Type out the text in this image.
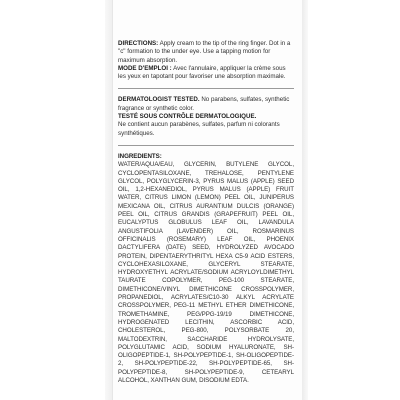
DIRECTIONS: Apply cream to the tip of the ring finger. Dot in a "c" formation to the under eye. Use a tapping motion for maximum absorption.

MODE D'EMPLOI : Avec l'annulaire, appliquer la crème sous les yeux en tapotant pour favoriser une absorption maximale.

DERMATOLOGIST TESTED. No parabens, sulfates, synthetic fragrance or synthetic color.

TESTÉ SOUS CONTRÔLE DERMATOLOGIQUE.

Ne contient aucun parabènes, sulfates, parfum ni colorants synthétiques.

INGREDIENTS:

WATER/AQUA/EAU, GLYCERIN, BUTYLENE GLYCOL, CYCLOPENTASILOXANE, TREHALOSE, PENTYLENE GLYCOL, POLYGLYCERIN-3, PYRUS MALUS (APPLE) SEED OIL, 1,2-HEXANEDIOL, PYRUS MALUS (APPLE) FRUIT WATER, CITRUS LIMON (LEMON) PEEL OIL, JUNIPERUS MEXICANA OIL, CITRUS AURANTIUM DULCIS (ORANGE) PEEL OIL, CITRUS GRANDIS (GRAPEFRUIT) PEEL OIL, EUCALYPTUS GLOBULUS LEAF OIL, LAVANDULA ANGUSTIFOLIA (LAVENDER) OIL, ROSMARINUS OFFICINALIS (ROSEMARY) LEAF OIL, PHOENIX DACTYLIFERA (DATE) SEED, HYDROLYZED AVOCADO PROTEIN, DIPENTAERYTHRITYL HEXA C5-9 ACID ESTERS, CYCLOHEXASILOXANE, GLYCERYL STEARATE, HYDROXYETHYL ACRYLATE/SODIUM ACRYLOYLDIMETHYL TAURATE COPOLYMER, PEG-100 STEARATE, DIMETHICONE/VINYL DIMETHICONE CROSSPOLYMER, PROPANEDIOL, ACRYLATES/C10-30 ALKYL ACRYLATE CROSSPOLYMER, PEG-11 METHYL ETHER DIMETHICONE, TROMETHAMINE, PEG/PPG-19/19 DIMETHICONE, HYDROGENATED LECITHIN, ASCORBIC ACID, CHOLESTEROL, PEG-800, POLYSORBATE 20, MALTODEXTRIN, SACCHARIDE HYDROLYSATE, POLYGLUTAMIC ACID, SODIUM HYALURONATE, SH-OLIGOPEPTIDE-1, SH-POLYPEPTIDE-1, SH-OLIGOPEPTIDE-2, SH-POLYPEPTIDE-22, SH-POLYPEPTIDE-65, SH-POLYPEPTIDE-8, SH-POLYPEPTIDE-9, CETEARYL ALCOHOL, XANTHAN GUM, DISODIUM EDTA.
